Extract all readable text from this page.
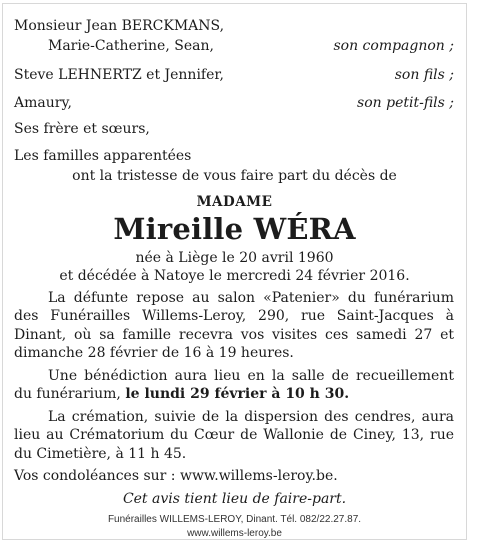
Monsieur Jean BERCKMANS,
Marie-Catherine, Sean,	son compagnon ;
Steve LEHNERTZ et Jennifer,	son fils ;
Amaury,	son petit-fils ;
Ses frère et sœurs,
Les familles apparentées
ont la tristesse de vous faire part du décès de
MADAME
Mireille WÉRA
née à Liège le 20 avril 1960
et décédée à Natoye le mercredi 24 février 2016.
La défunte repose au salon «Patenier» du funérarium des Funérailles Willems-Leroy, 290, rue Saint-Jacques à Dinant, où sa famille recevra vos visites ces samedi 27 et dimanche 28 février de 16 à 19 heures.
Une bénédiction aura lieu en la salle de recueillement du funérarium, le lundi 29 février à 10 h 30.
La crémation, suivie de la dispersion des cendres, aura lieu au Crématorium du Cœur de Wallonie de Ciney, 13, rue du Cimetière, à 11 h 45.
Vos condoléances sur : www.willems-leroy.be.
Cet avis tient lieu de faire-part.
Funérailles WILLEMS-LEROY, Dinant. Tél. 082/22.27.87.
www.willems-leroy.be
